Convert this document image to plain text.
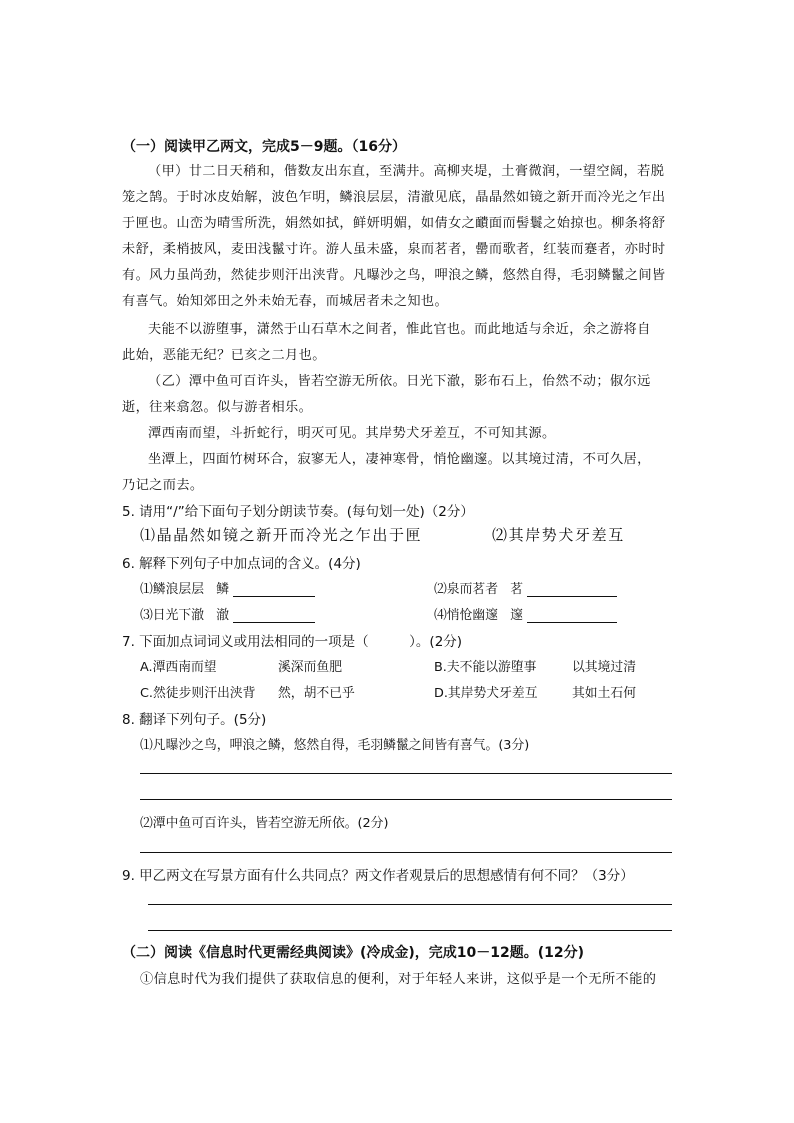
（一）阅读甲乙两文，完成5－9题。（16分）
（甲）廿二日天稍和，偕数友出东直，至满井。高柳夹堤，土膏微润，一望空阔，若脱
笼之鹄。于时冰皮始解，波色乍明，鳞浪层层，清澈见底，晶晶然如镜之新开而冷光之乍出
于匣也。山峦为晴雪所洗，娟然如拭，鲜妍明媚，如倩女之靧面而髻鬟之始掠也。柳条将舒
未舒，柔梢披风，麦田浅鬣寸许。游人虽未盛，泉而茗者，罍而歌者，红装而蹇者，亦时时
有。风力虽尚劲，然徒步则汗出浃背。凡曝沙之鸟，呷浪之鳞，悠然自得，毛羽鳞鬣之间皆
有喜气。始知郊田之外未始无春，而城居者未之知也。
夫能不以游堕事，潇然于山石草木之间者，惟此官也。而此地适与余近，余之游将自
此始，恶能无纪？已亥之二月也。
（乙）潭中鱼可百许头，皆若空游无所依。日光下澈，影布石上，佁然不动；俶尔远
逝，往来翕忽。似与游者相乐。
潭西南而望，斗折蛇行，明灭可见。其岸势犬牙差互，不可知其源。
坐潭上，四面竹树环合，寂寥无人，凄神寒骨，悄怆幽邃。以其境过清，不可久居，
乃记之而去。
5. 请用“/”给下面句子划分朗读节奏。(每句划一处)（2分）
⑴晶晶然如镜之新开而冷光之乍出于匣	⑵其岸势犬牙差互
6. 解释下列句子中加点词的含义。(4分)
⑴鳞浪层层 鳞	⑵泉而茗者 茗
⑶日光下澈 澈	⑷悄怆幽邃 邃
7. 下面加点词词义或用法相同的一项是（　　　）。(2分)
A.潭西南而望	溪深而鱼肥	B.夫不能以游堕事	以其境过清
C.然徒步则汗出浃背 然，胡不已乎	D.其岸势犬牙差互	其如土石何
8. 翻译下列句子。(5分)
⑴凡曝沙之鸟，呷浪之鳞，悠然自得，毛羽鳞鬣之间皆有喜气。(3分)
⑵潭中鱼可百许头，皆若空游无所依。(2分)
9. 甲乙两文在写景方面有什么共同点？两文作者观景后的思想感情有何不同？（3分）
（二）阅读《信息时代更需经典阅读》(冷成金)，完成10－12题。(12分)
①信息时代为我们提供了获取信息的便利，对于年轻人来讲，这似乎是一个无所不能的
